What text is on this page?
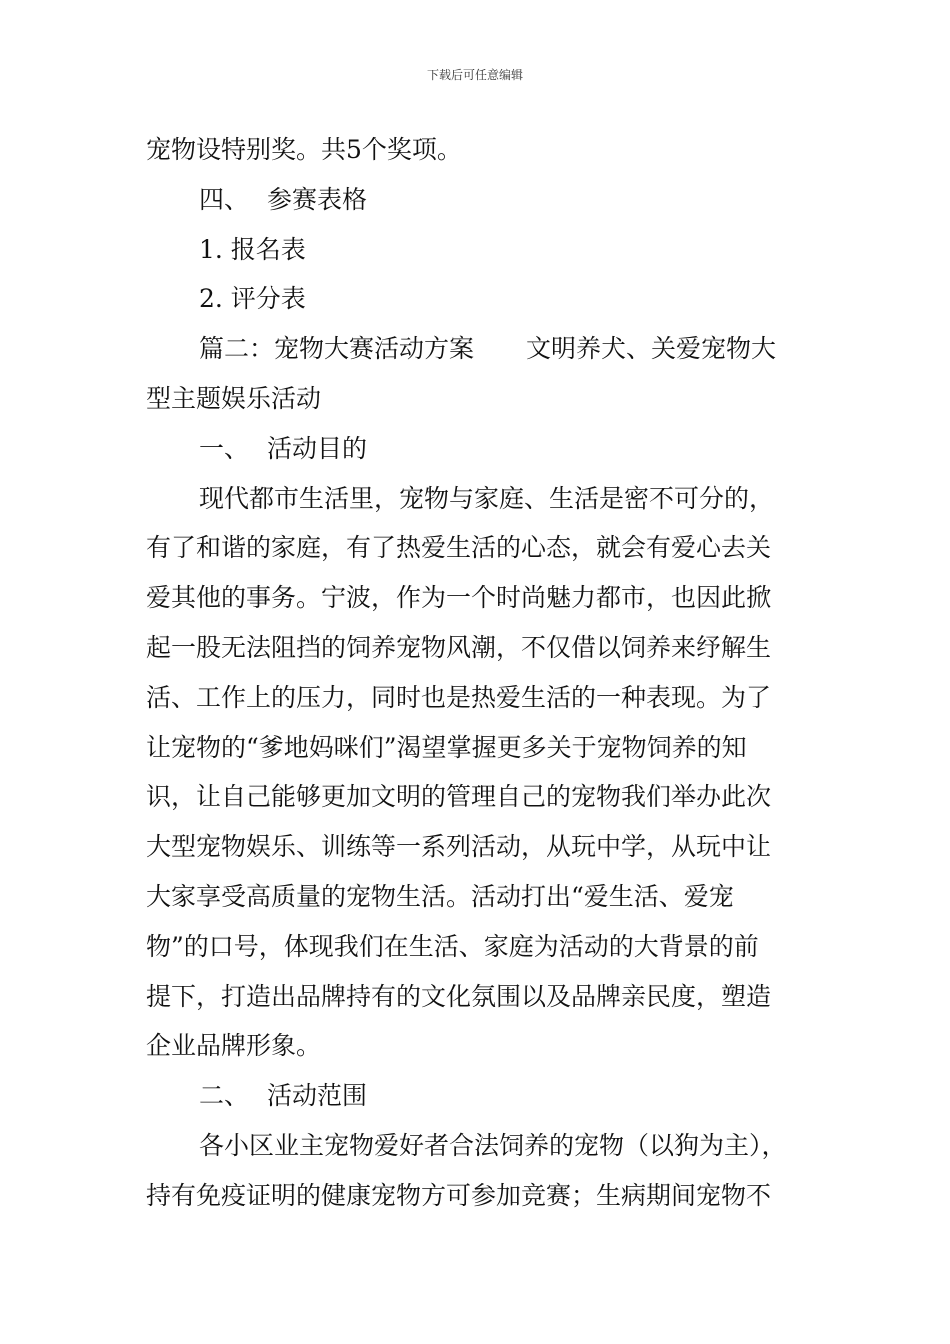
下载后可任意编辑
宠物设特别奖。共5个奖项。
四、 参赛表格
1. 报名表
2. 评分表
篇二：宠物大赛活动方案 文明养犬、关爱宠物大
型主题娱乐活动
一、 活动目的
现代都市生活里，宠物与家庭、生活是密不可分的，
有了和谐的家庭，有了热爱生活的心态，就会有爱心去关
爱其他的事务。宁波，作为一个时尚魅力都市，也因此掀
起一股无法阻挡的饲养宠物风潮，不仅借以饲养来纾解生
活、工作上的压力，同时也是热爱生活的一种表现。为了
让宠物的“爹地妈咪们”渴望掌握更多关于宠物饲养的知
识，让自己能够更加文明的管理自己的宠物我们举办此次
大型宠物娱乐、训练等一系列活动，从玩中学，从玩中让
大家享受高质量的宠物生活。活动打出“爱生活、爱宠
物”的口号，体现我们在生活、家庭为活动的大背景的前
提下，打造出品牌持有的文化氛围以及品牌亲民度，塑造
企业品牌形象。
二、 活动范围
各小区业主宠物爱好者合法饲养的宠物（以狗为主），
持有免疫证明的健康宠物方可参加竞赛；生病期间宠物不
